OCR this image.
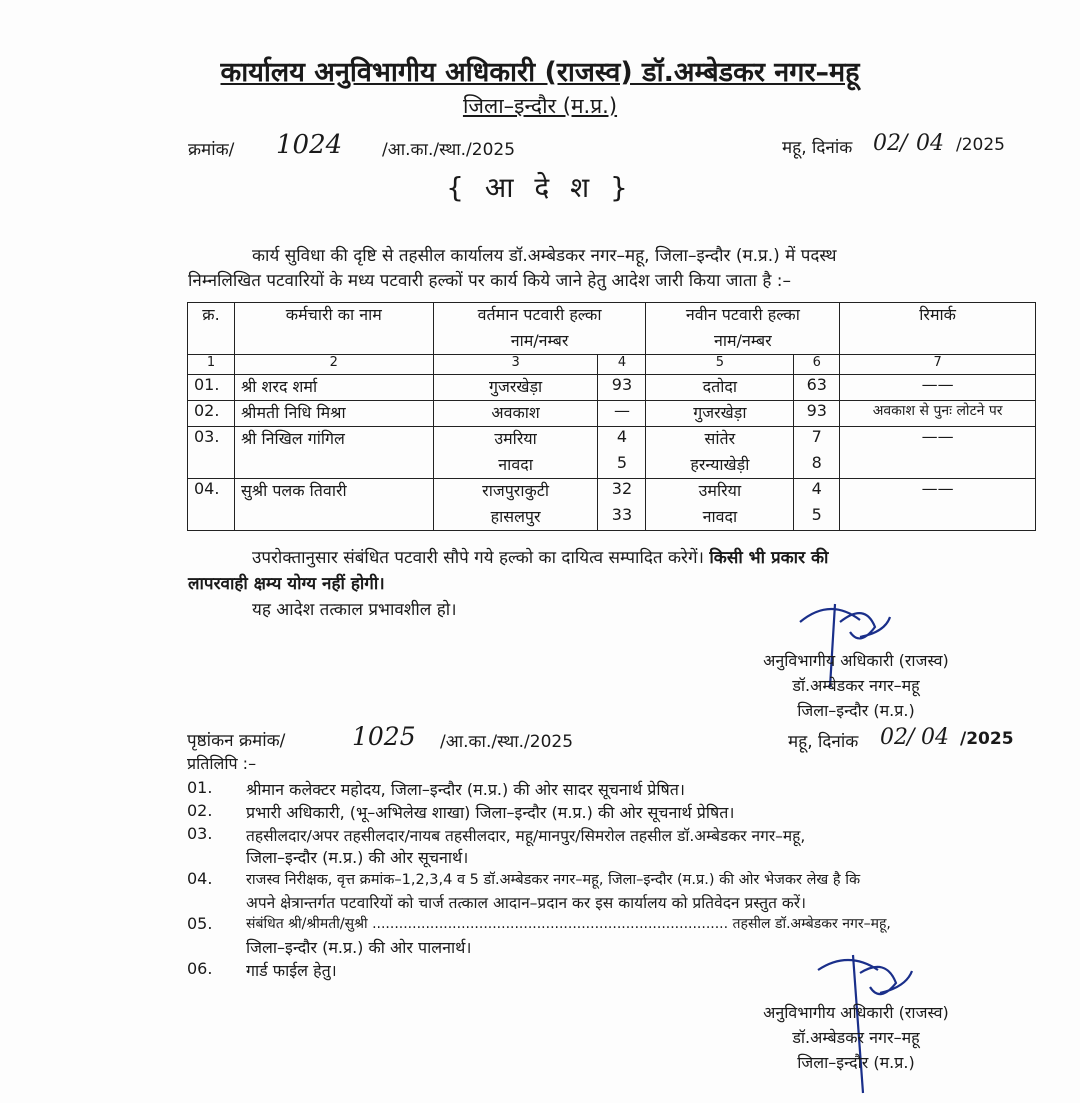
कार्यालय अनुविभागीय अधिकारी (राजस्व) डॉ.अम्बेडकर नगर–महू
जिला–इन्दौर (म.प्र.)
क्रमांक/ 1024 /आ.का./स्था./2025	महू, दिनांक 02 / 04 /2025
{ आ दे श }
कार्य सुविधा की दृष्टि से तहसील कार्यालय डॉ.अम्बेडकर नगर–महू, जिला–इन्दौर (म.प्र.) में पदस्थ
निम्नलिखित पटवारियों के मध्य पटवारी हल्कों पर कार्य किये जाने हेतु आदेश जारी किया जाता है :–
क्र.	कर्मचारी का नाम	वर्तमान पटवारी हल्का		नवीन पटवारी हल्का		रिमार्क
		नाम/नम्बर		नाम/नम्बर		
1	2	3	4	5	6	7
01.	श्री शरद शर्मा	गुजरखेड़ा	93	दतोदा	63	——
02.	श्रीमती निधि मिश्रा	अवकाश	—	गुजरखेड़ा	93	अवकाश से पुनः लोटने पर
03.	श्री निखिल गांगिल	उमरिया	4	सांतेर	7	——
		नावदा	5	हरन्याखेड़ी	8	
04.	सुश्री पलक तिवारी	राजपुराकुटी	32	उमरिया	4	——
		हासलपुर	33	नावदा	5	
उपरोक्तानुसार संबंधित पटवारी सौपे गये हल्को का दायित्व सम्पादित करेगें। किसी भी प्रकार की
लापरवाही क्षम्य योग्य नहीं होगी।
यह आदेश तत्काल प्रभावशील हो।
अनुविभागीय अधिकारी (राजस्व)
डॉ.अम्बेडकर नगर–महू
जिला–इन्दौर (म.प्र.)
पृष्ठांकन क्रमांक/	1025 /आ.का./स्था./2025	महू, दिनांक 02 / 04 /2025
प्रतिलिपि :–
01. श्रीमान कलेक्टर महोदय, जिला–इन्दौर (म.प्र.) की ओर सादर सूचनार्थ प्रेषित।
02. प्रभारी अधिकारी, (भू–अभिलेख शाखा) जिला–इन्दौर (म.प्र.) की ओर सूचनार्थ प्रेषित।
03. तहसीलदार/अपर तहसीलदार/नायब तहसीलदार, महू/मानपुर/सिमरोल तहसील डॉ.अम्बेडकर नगर–महू,
जिला–इन्दौर (म.प्र.) की ओर सूचनार्थ।
04. राजस्व निरीक्षक, वृत्त क्रमांक–1,2,3,4 व 5 डॉ.अम्बेडकर नगर–महू, जिला–इन्दौर (म.प्र.) की ओर भेजकर लेख है कि
अपने क्षेत्रान्तर्गत पटवारियों को चार्ज तत्काल आदान–प्रदान कर इस कार्यालय को प्रतिवेदन प्रस्तुत करें।
05. संबंधित श्री/श्रीमती/सुश्री ................................................................................ तहसील डॉ.अम्बेडकर नगर–महू,
जिला–इन्दौर (म.प्र.) की ओर पालनार्थ।
06. गार्ड फाईल हेतु।
अनुविभागीय अधिकारी (राजस्व)
डॉ.अम्बेडकर नगर–महू
जिला–इन्दौर (म.प्र.)
